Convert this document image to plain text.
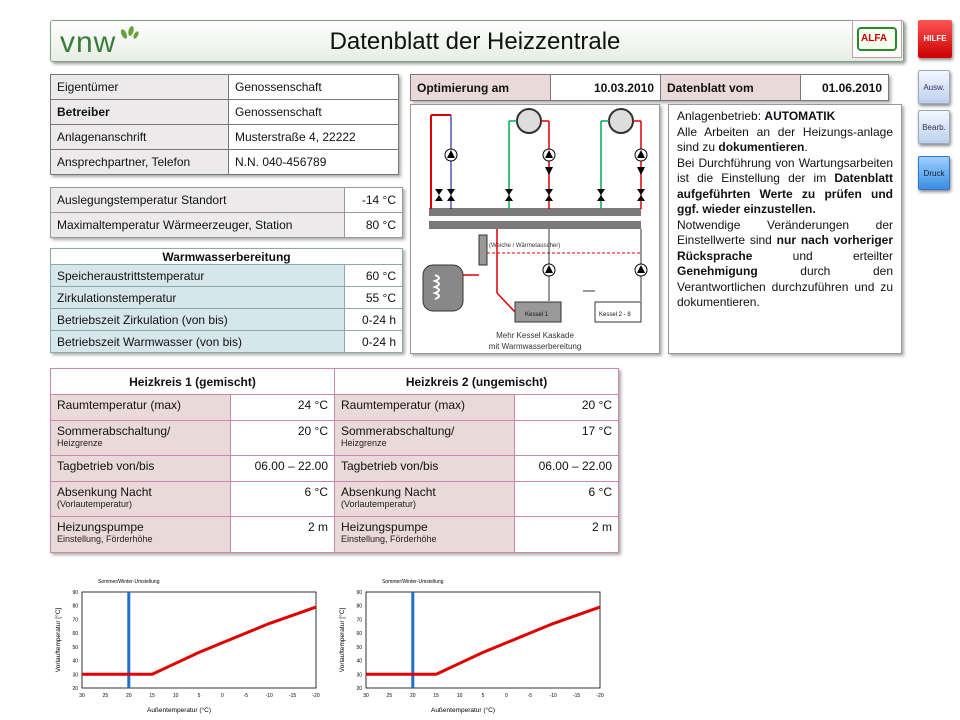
vnw	Datenblatt der Heizzentrale	ALFA	HILFE
Ausw.
Bearb.
Druck
Eigentümer	Genossenschaft
Betreiber	Genossenschaft
Anlagenanschrift	Musterstraße 4, 22222
Ansprechpartner, Telefon	N.N. 040-456789
Auslegungstemperatur Standort	-14 °C
Maximaltemperatur Wärmeerzeuger, Station	80 °C
Warmwasserbereitung	
Speicheraustrittstemperatur	60 °C
Zirkulationstemperatur	55 °C
Betriebszeit Zirkulation (von bis)	0-24 h
Betriebszeit Warmwasser (von bis)	0-24 h
Optimierung am	10.03.2010	Datenblatt vom	01.06.2010
(Weiche / Wärmetauscher)
Kessel 1	Kessel 2 - 8
Mehr Kessel Kaskade
mit Warmwasserbereitung
Anlagenbetrieb: AUTOMATIK
Alle Arbeiten an der Heizungs-anlage sind zu dokumentieren.
Bei Durchführung von Wartungsarbeiten ist die Einstellung der im Datenblatt aufgeführten Werte zu prüfen und ggf. wieder einzustellen.
Notwendige Veränderungen der Einstellwerte sind nur nach vorheriger Rücksprache und erteilter Genehmigung durch den Verantwortlichen durchzuführen und zu dokumentieren.
Heizkreis 1 (gemischt)		Heizkreis 2 (ungemischt)	
Raumtemperatur (max)	24 °C	Raumtemperatur (max)	20 °C
Sommerabschaltung/
Heizgrenze	20 °C	Sommerabschaltung/
Heizgrenze	17 °C
Tagbetrieb von/bis	06.00 – 22.00	Tagbetrieb von/bis	06.00 – 22.00
Absenkung Nacht
(Vorlautemperatur)	6 °C	Absenkung Nacht
(Vorlautemperatur)	6 °C
Heizungspumpe
Einstellung, Förderhöhe	2 m	Heizungspumpe
Einstellung, Förderhöhe	2 m
20
30
40
50
60
70
80
90
30	25	20	15	10	5	0	-5	-10	-15	-20
Sommer/Winter-Umstellung
Außentemperatur (°C)
Vorlauftemperatur [°C]
20
30
40
50
60
70
80
90
30	25	20	15	10	5	0	-5	-10	-15	-20
Sommer/Winter-Umstellung
Außentemperatur (°C)
Vorlauftemperatur [°C]
